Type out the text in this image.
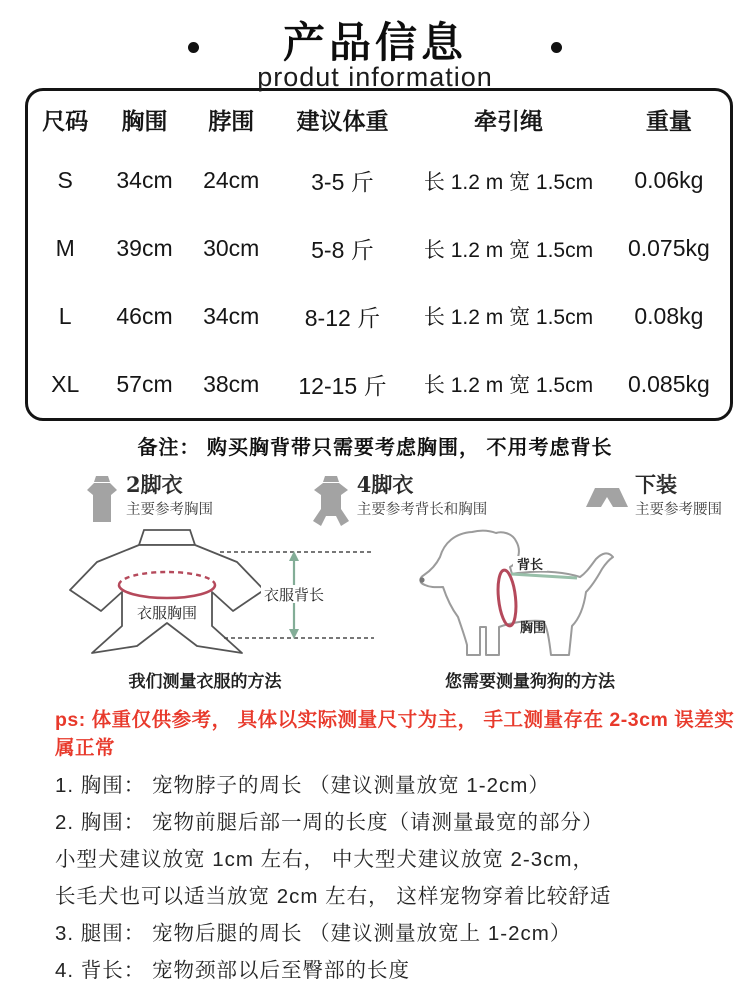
产品信息
produt information
尺码	胸围	脖围	建议体重	牵引绳	重量
S	34cm	24cm	3-5 斤	长 1.2 m 宽 1.5cm	0.06kg
M	39cm	30cm	5-8 斤	长 1.2 m 宽 1.5cm	0.075kg
L	46cm	34cm	8-12 斤	长 1.2 m 宽 1.5cm	0.08kg
XL	57cm	38cm	12-15 斤	长 1.2 m 宽 1.5cm	0.085kg
备注： 购买胸背带只需要考虑胸围， 不用考虑背长
2脚衣
主要参考胸围
4脚衣
主要参考背长和胸围
下装
主要参考腰围
衣服胸围
衣服背长
我们测量衣服的方法
背长
胸围
您需要测量狗狗的方法
ps: 体重仅供参考， 具体以实际测量尺寸为主， 手工测量存在 2-3cm 误差实属正常
1. 胸围： 宠物脖子的周长 （建议测量放宽 1-2cm）
2. 胸围： 宠物前腿后部一周的长度（请测量最宽的部分）
小型犬建议放宽 1cm 左右， 中大型犬建议放宽 2-3cm，
长毛犬也可以适当放宽 2cm 左右， 这样宠物穿着比较舒适
3. 腿围： 宠物后腿的周长 （建议测量放宽上 1-2cm）
4. 背长： 宠物颈部以后至臀部的长度
